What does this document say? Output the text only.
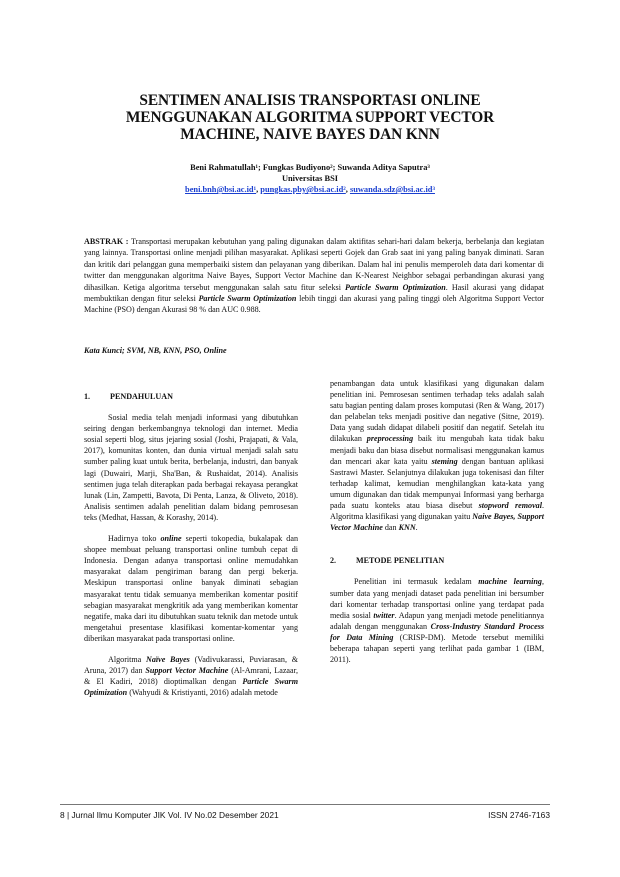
SENTIMEN ANALISIS TRANSPORTASI ONLINE
MENGGUNAKAN ALGORITMA SUPPORT VECTOR
MACHINE, NAIVE BAYES DAN KNN
Beni Rahmatullah¹; Fungkas Budiyono²; Suwanda Aditya Saputra³
Universitas BSI
beni.bnh@bsi.ac.id¹, pungkas.pby@bsi.ac.id², suwanda.sdz@bsi.ac.id³
ABSTRAK : Transportasi merupakan kebutuhan yang paling digunakan dalam aktifitas sehari-hari dalam bekerja, berbelanja dan kegiatan yang lainnya. Transportasi online menjadi pilihan masyarakat. Aplikasi seperti Gojek dan Grab saat ini yang paling banyak diminati. Saran dan kritik dari pelanggan guna memperbaiki sistem dan pelayanan yang diberikan. Dalam hal ini penulis memperoleh data dari komentar di twitter dan menggunakan algoritma Naive Bayes, Support Vector Machine dan K-Nearest Neighbor sebagai perbandingan akurasi yang dihasilkan. Ketiga algoritma tersebut menggunakan salah satu fitur seleksi Particle Swarm Optimization. Hasil akurasi yang didapat membuktikan dengan fitur seleksi Particle Swarm Optimization lebih tinggi dan akurasi yang paling tinggi oleh Algoritma Support Vector Machine (PSO) dengan Akurasi 98 % dan AUC 0.988.
Kata Kunci; SVM, NB, KNN, PSO, Online

1. PENDAHULUAN

Sosial media telah menjadi informasi yang dibutuhkan seiring dengan berkembangnya teknologi dan internet. Media sosial seperti blog, situs jejaring sosial (Joshi, Prajapati, & Vala, 2017), komunitas konten, dan dunia virtual menjadi salah satu sumber paling kuat untuk berita, berbelanja, industri, dan banyak lagi (Duwairi, Marji, Sha'Ban, & Rushaidat, 2014). Analisis sentimen juga telah diterapkan pada berbagai rekayasa perangkat lunak (Lin, Zampetti, Bavota, Di Penta, Lanza, & Oliveto, 2018). Analisis sentimen adalah penelitian dalam bidang pemrosesan teks (Medhat, Hassan, & Korashy, 2014).

Hadirnya toko online seperti tokopedia, bukalapak dan shopee membuat peluang transportasi online tumbuh cepat di Indonesia. Dengan adanya transportasi online memudahkan masyarakat dalam pengiriman barang dan pergi bekerja. Meskipun transportasi online banyak diminati sebagian masyarakat tentu tidak semuanya memberikan komentar positif sebagian masyarakat mengkritik ada yang memberikan komentar negatife, maka dari itu dibutuhkan suatu teknik dan metode untuk mengetahui presentase klasifikasi komentar-komentar yang diberikan masyarakat pada transportasi online.

Algoritma Naïve Bayes (Vadivukarassi, Puviarasan, & Aruna, 2017) dan Support Vector Machine (Al-Amrani, Lazaar, & El Kadiri, 2018) dioptimalkan dengan Particle Swarm Optimization (Wahyudi & Kristiyanti, 2016) adalah metode

penambangan data untuk klasifikasi yang digunakan dalam penelitian ini. Pemrosesan sentimen terhadap teks adalah salah satu bagian penting dalam proses komputasi (Ren & Wang, 2017) dan pelabelan teks menjadi positive dan negative (Sitne, 2019). Data yang sudah didapat dilabeli positif dan negatif. Setelah itu dilakukan preprocessing baik itu mengubah kata tidak baku menjadi baku dan biasa disebut normalisasi menggunakan kamus dan mencari akar kata yaitu steming dengan bantuan aplikasi Sastrawi Master. Selanjutnya dilakukan juga tokenisasi dan filter terhadap kalimat, kemudian menghilangkan kata-kata yang umum digunakan dan tidak mempunyai Informasi yang berharga pada suatu konteks atau biasa disebut stopword removal. Algoritma klasifikasi yang digunakan yaitu Naive Bayes, Support Vector Machine dan KNN.

2. METODE PENELITIAN

Penelitian ini termasuk kedalam machine learning, sumber data yang menjadi dataset pada penelitian ini bersumber dari komentar terhadap transportasi online yang terdapat pada media sosial twitter. Adapun yang menjadi metode penelitiannya adalah dengan menggunakan Cross-Industry Standard Process for Data Mining (CRISP-DM). Metode tersebut memiliki beberapa tahapan seperti yang terlihat pada gambar 1 (IBM, 2011).

8 | Jurnal Ilmu Komputer JIK Vol. IV No.02 Desember 2021	ISSN 2746-7163
